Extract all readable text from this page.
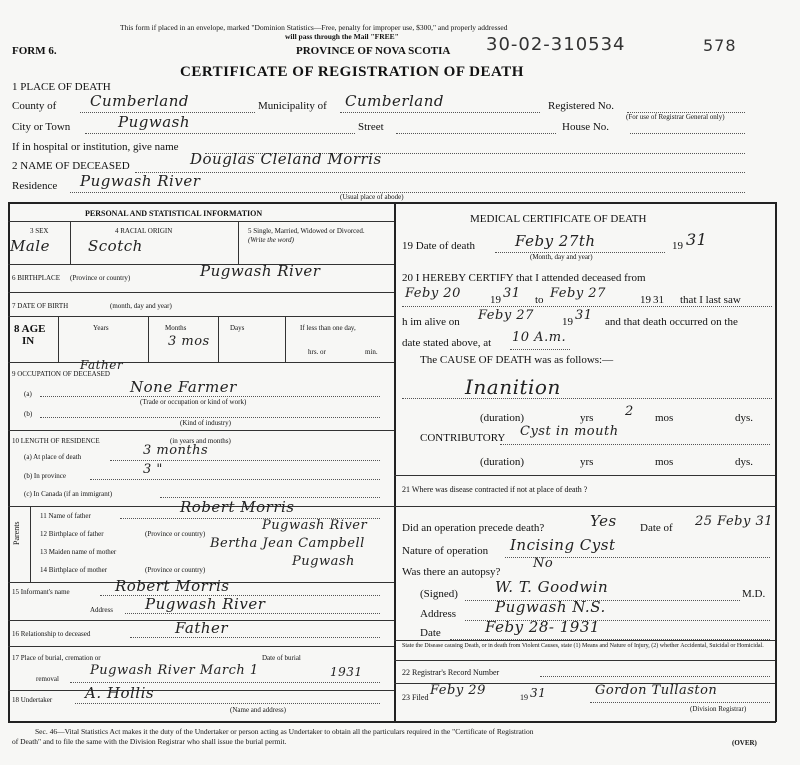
This form if placed in an envelope, marked "Dominion Statistics—Free, penalty for improper use, $300," and properly addressed
will pass through the Mail "FREE"
FORM 6.	PROVINCE OF NOVA SCOTIA 30-02-310534	578
CERTIFICATE OF REGISTRATION OF DEATH
1 PLACE OF DEATH
County of Cumberland	Municipality of Cumberland	Registered No.
(For use of Registrar General only)
City or Town	Pugwash	Street	House No.
If in hospital or institution, give name
2 NAME OF DECEASED	Douglas Cleland Morris
Residence Pugwash River
(Usual place of abode)
PERSONAL AND STATISTICAL INFORMATION
3 SEX
Male
4 RACIAL ORIGIN
Scotch
5 Single, Married, Widowed or Divorced.
(Write the word)
6 BIRTHPLACE (Province or country)	Pugwash River
7 DATE OF BIRTH	(month, day and year)
8 AGE
IN
Years	Months
3 mos
Days	If less than one day,
hrs. or	min.
9 OCCUPATION OF DECEASED
Father
(a)	None Farmer
(Trade or occupation or kind of work)
(b)
(Kind of industry)
10 LENGTH OF RESIDENCE	(in years and months)
(a) At place of death	3 months
(b) In province	3 "
(c) In Canada (if an immigrant)
Parents
11 Name of father	Robert Morris
12 Birthplace of father	(Province or country)
Pugwash River
13 Maiden name of mother
Bertha Jean Campbell
14 Birthplace of mother	(Province or country)
Pugwash
15 Informant's name	Robert Morris
Address Pugwash River
16 Relationship to deceased	Father
17 Place of burial, cremation or	Date of burial
removal
Pugwash River March 1	1931
18 Undertaker A. Hollis
(Name and address)
MEDICAL CERTIFICATE OF DEATH
19 Date of death	Feby 27th	19 31
(Month, day and year)
20 I HEREBY CERTIFY that I attended deceased from
Feby 20	19 31 to Feby 27	19 31 that I last saw
h im alive on Feby 27	19 31 and that death occurred on the
date stated above, at 10 A.m.
The CAUSE OF DEATH was as follows:—
Inanition
(duration)	yrs 2 mos	dys.
CONTRIBUTORY Cyst in mouth
(duration)	yrs	mos	dys.
21 Where was disease contracted if not at place of death ?
Did an operation precede death?	Yes Date of 25 Feby 31
Nature of operation Incising Cyst
Was there an autopsy?
No
(Signed) W. T. Goodwin	M.D.
Address	Pugwash N.S.
Date	Feby 28- 1931
State the Disease causing Death, or in death from Violent Causes, state (1) Means and Nature of Injury, (2) whether Accidental, Suicidal or Homicidal.
22 Registrar's Record Number
23 Filed Feby 29	19 31	Gordon Tullaston
(Division Registrar)
Sec. 46—Vital Statistics Act makes it the duty of the Undertaker or person acting as Undertaker to obtain all the particulars required in the "Certificate of Registration
of Death" and to file the same with the Division Registrar who shall issue the burial permit.	(OVER)
